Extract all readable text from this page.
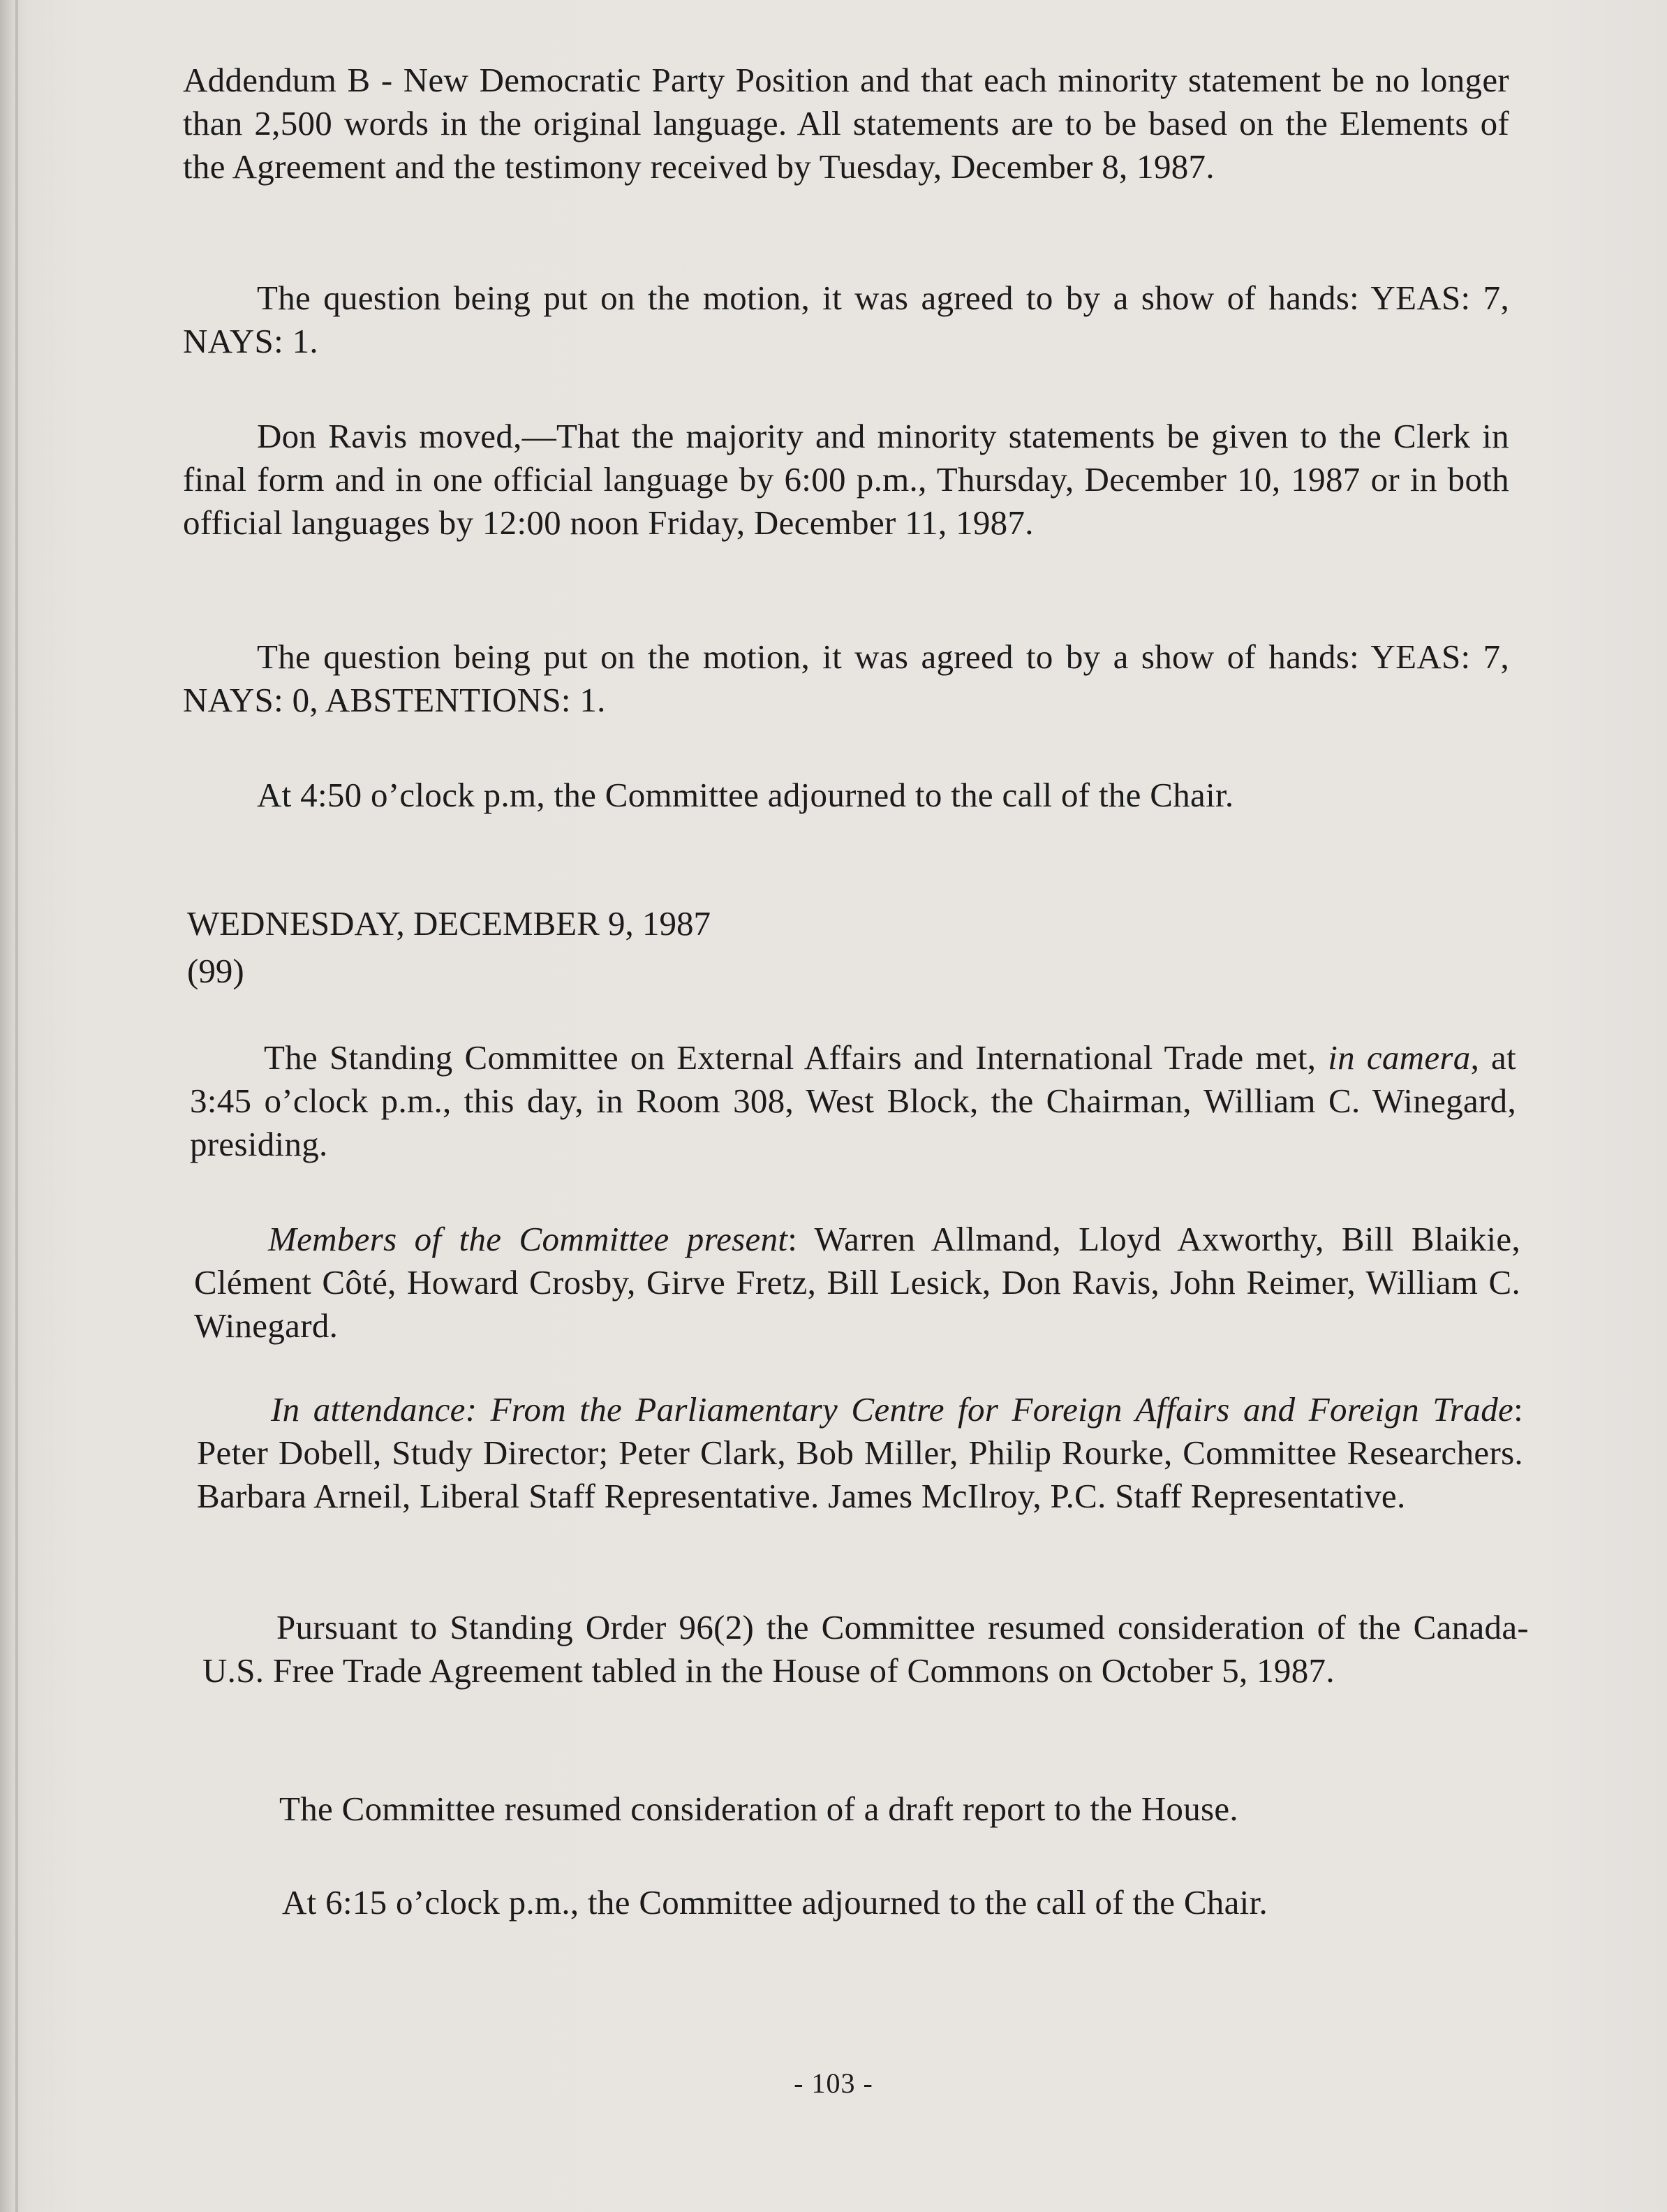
Addendum B - New Democratic Party Position and that each minority statement be no longer than 2,500 words in the original language. All statements are to be based on the Elements of the Agreement and the testimony received by Tuesday, December 8, 1987.

The question being put on the motion, it was agreed to by a show of hands: YEAS: 7, NAYS: 1.

Don Ravis moved,—That the majority and minority statements be given to the Clerk in final form and in one official language by 6:00 p.m., Thursday, December 10, 1987 or in both official languages by 12:00 noon Friday, December 11, 1987.

The question being put on the motion, it was agreed to by a show of hands: YEAS: 7, NAYS: 0, ABSTENTIONS: 1.

At 4:50 o’clock p.m, the Committee adjourned to the call of the Chair.

WEDNESDAY, DECEMBER 9, 1987
(99)

The Standing Committee on External Affairs and International Trade met, in camera, at 3:45 o’clock p.m., this day, in Room 308, West Block, the Chairman, William C. Winegard, presiding.

Members of the Committee present: Warren Allmand, Lloyd Axworthy, Bill Blaikie, Clément Côté, Howard Crosby, Girve Fretz, Bill Lesick, Don Ravis, John Reimer, William C. Winegard.

In attendance: From the Parliamentary Centre for Foreign Affairs and Foreign Trade: Peter Dobell, Study Director; Peter Clark, Bob Miller, Philip Rourke, Committee Researchers. Barbara Arneil, Liberal Staff Representative. James McIlroy, P.C. Staff Representative.

Pursuant to Standing Order 96(2) the Committee resumed consideration of the Canada-U.S. Free Trade Agreement tabled in the House of Commons on October 5, 1987.

The Committee resumed consideration of a draft report to the House.

At 6:15 o’clock p.m., the Committee adjourned to the call of the Chair.

- 103 -
